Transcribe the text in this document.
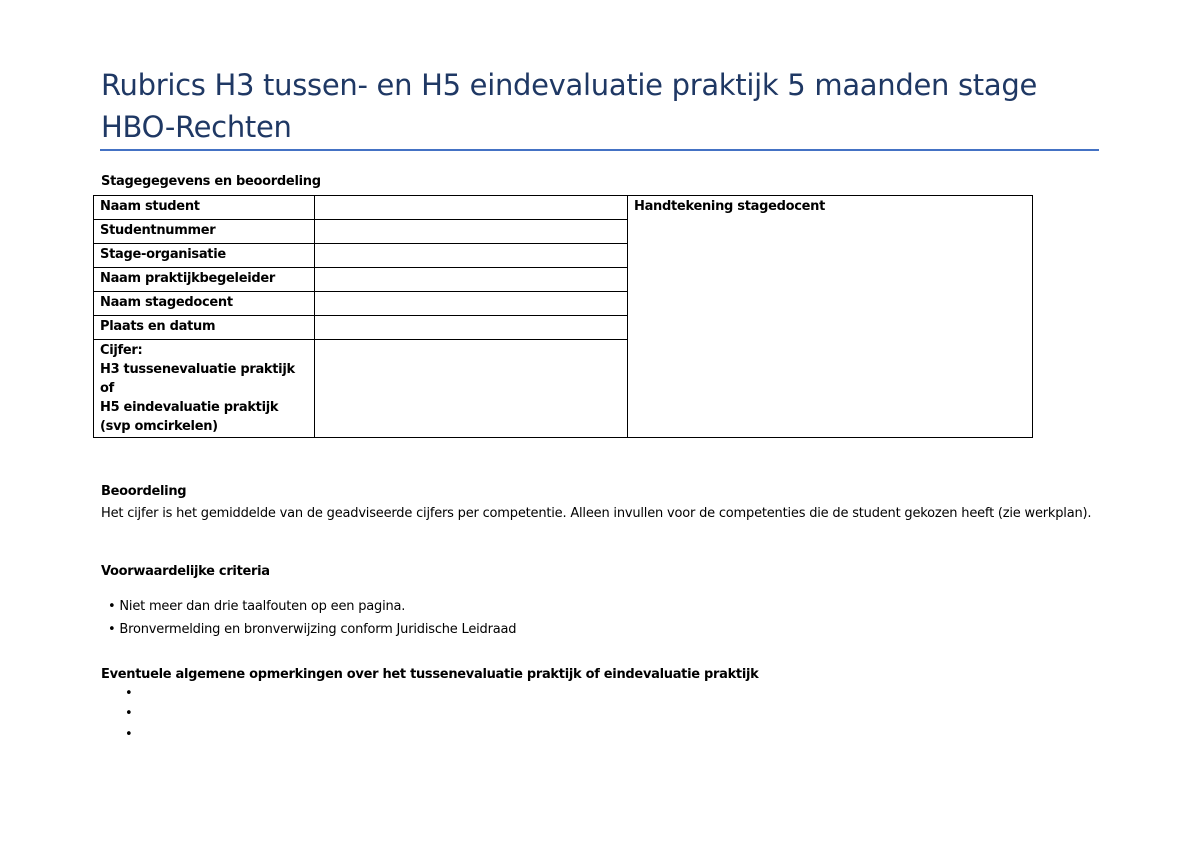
Rubrics H3 tussen- en H5 eindevaluatie praktijk 5 maanden stage
HBO-Rechten
Stagegegevens en beoordeling
Naam student		Handtekening stagedocent
Studentnummer		
Stage-organisatie		
Naam praktijkbegeleider		
Naam stagedocent		
Plaats en datum		

Cijfer:
H3 tussenevaluatie praktijk of
H5 eindevaluatie praktijk
(svp omcirkelen)		

Beoordeling
Het cijfer is het gemiddelde van de geadviseerde cijfers per competentie. Alleen invullen voor de competenties die de student gekozen heeft (zie werkplan).
Voorwaardelijke criteria
• Niet meer dan drie taalfouten op een pagina.
• Bronvermelding en bronverwijzing conform Juridische Leidraad
Eventuele algemene opmerkingen over het tussenevaluatie praktijk of eindevaluatie praktijk
•
•
•
